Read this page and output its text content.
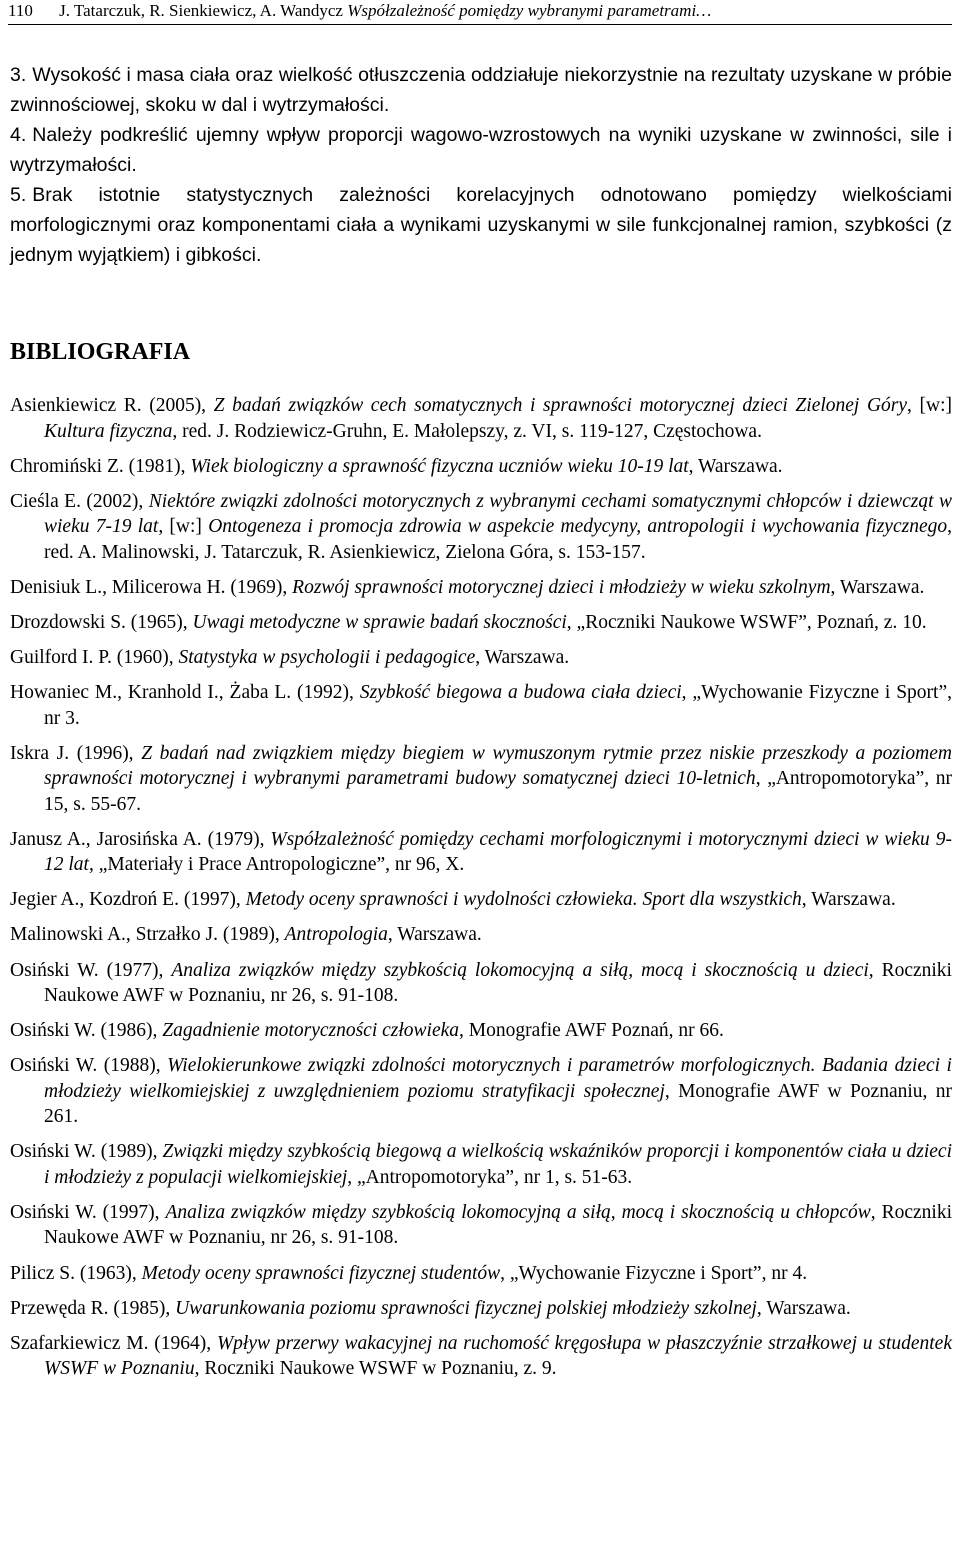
110 J. Tatarczuk, R. Sienkiewicz, A. Wandycz Współzależność pomiędzy wybranymi parametrami…

3. Wysokość i masa ciała oraz wielkość otłuszczenia oddziałuje niekorzystnie na rezultaty uzyskane w próbie zwinnościowej, skoku w dal i wytrzymałości.

4. Należy podkreślić ujemny wpływ proporcji wagowo-wzrostowych na wyniki uzyskane w zwinności, sile i wytrzymałości.

5. Brak istotnie statystycznych zależności korelacyjnych odnotowano pomiędzy wielkościami morfologicznymi oraz komponentami ciała a wynikami uzyskanymi w sile funkcjonalnej ramion, szybkości (z jednym wyjątkiem) i gibkości.

BIBLIOGRAFIA
Asienkiewicz R. (2005), Z badań związków cech somatycznych i sprawności motorycznej dzieci Zielonej Góry, [w:] Kultura fizyczna, red. J. Rodziewicz-Gruhn, E. Małolepszy, z. VI, s. 119-127, Częstochowa.
Chromiński Z. (1981), Wiek biologiczny a sprawność fizyczna uczniów wieku 10-19 lat, Warszawa.
Cieśla E. (2002), Niektóre związki zdolności motorycznych z wybranymi cechami somatycznymi chłopców i dziewcząt w wieku 7-19 lat, [w:] Ontogeneza i promocja zdrowia w aspekcie medycyny, antropologii i wychowania fizycznego, red. A. Malinowski, J. Tatarczuk, R. Asienkiewicz, Zielona Góra, s. 153-157.
Denisiuk L., Milicerowa H. (1969), Rozwój sprawności motorycznej dzieci i młodzieży w wieku szkolnym, Warszawa.
Drozdowski S. (1965), Uwagi metodyczne w sprawie badań skoczności, „Roczniki Naukowe WSWF”, Poznań, z. 10.
Guilford I. P. (1960), Statystyka w psychologii i pedagogice, Warszawa.
Howaniec M., Kranhold I., Żaba L. (1992), Szybkość biegowa a budowa ciała dzieci, „Wychowanie Fizyczne i Sport”, nr 3.
Iskra J. (1996), Z badań nad związkiem między biegiem w wymuszonym rytmie przez niskie przeszkody a poziomem sprawności motorycznej i wybranymi parametrami budowy somatycznej dzieci 10-letnich, „Antropomotoryka”, nr 15, s. 55-67.
Janusz A., Jarosińska A. (1979), Współzależność pomiędzy cechami morfologicznymi i motorycznymi dzieci w wieku 9-12 lat, „Materiały i Prace Antropologiczne”, nr 96, X.
Jegier A., Kozdroń E. (1997), Metody oceny sprawności i wydolności człowieka. Sport dla wszystkich, Warszawa.
Malinowski A., Strzałko J. (1989), Antropologia, Warszawa.
Osiński W. (1977), Analiza związków między szybkością lokomocyjną a siłą, mocą i skocznością u dzieci, Roczniki Naukowe AWF w Poznaniu, nr 26, s. 91-108.
Osiński W. (1986), Zagadnienie motoryczności człowieka, Monografie AWF Poznań, nr 66.
Osiński W. (1988), Wielokierunkowe związki zdolności motorycznych i parametrów morfologicznych. Badania dzieci i młodzieży wielkomiejskiej z uwzględnieniem poziomu stratyfikacji społecznej, Monografie AWF w Poznaniu, nr 261.
Osiński W. (1989), Związki między szybkością biegową a wielkością wskaźników proporcji i komponentów ciała u dzieci i młodzieży z populacji wielkomiejskiej, „Antropomotoryka”, nr 1, s. 51-63.
Osiński W. (1997), Analiza związków między szybkością lokomocyjną a siłą, mocą i skocznością u chłopców, Roczniki Naukowe AWF w Poznaniu, nr 26, s. 91-108.
Pilicz S. (1963), Metody oceny sprawności fizycznej studentów, „Wychowanie Fizyczne i Sport”, nr 4.
Przewęda R. (1985), Uwarunkowania poziomu sprawności fizycznej polskiej młodzieży szkolnej, Warszawa.
Szafarkiewicz M. (1964), Wpływ przerwy wakacyjnej na ruchomość kręgosłupa w płaszczyźnie strzałkowej u studentek WSWF w Poznaniu, Roczniki Naukowe WSWF w Poznaniu, z. 9.
